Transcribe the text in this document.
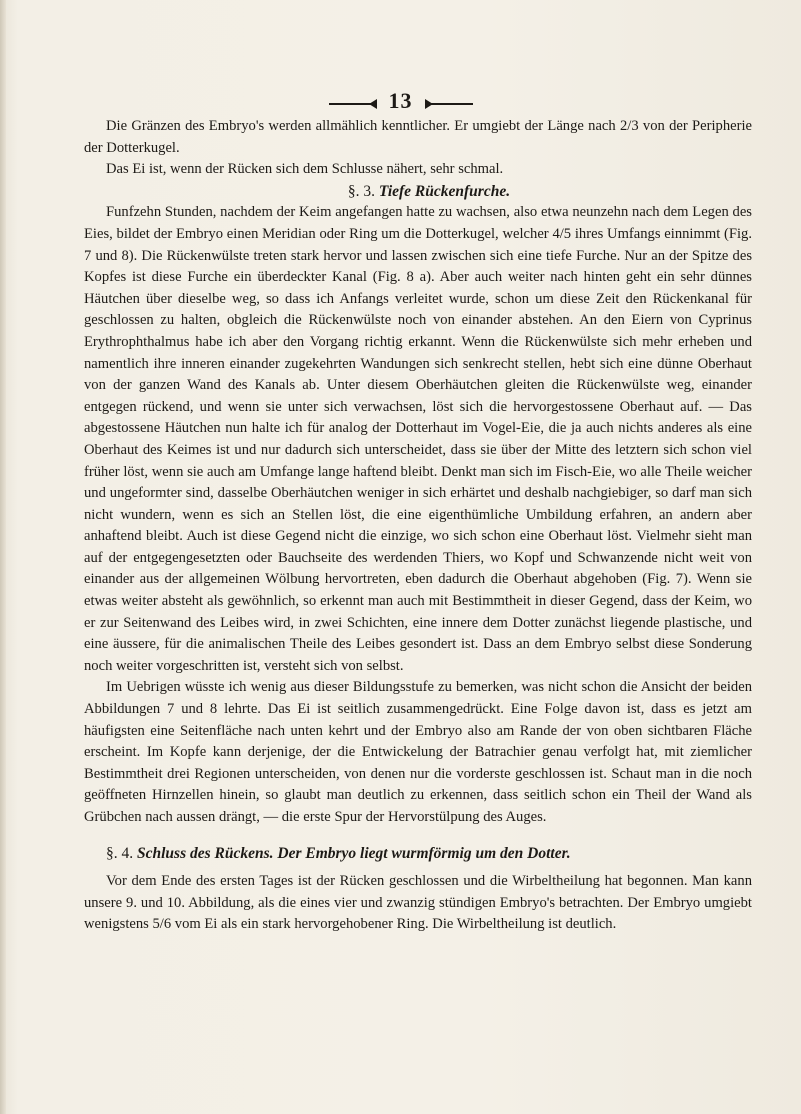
13

Die Gränzen des Embryo's werden allmählich kenntlicher. Er umgiebt der Länge nach 2/3 von der Peripherie der Dotterkugel.

Das Ei ist, wenn der Rücken sich dem Schlusse nähert, sehr schmal.

§. 3. Tiefe Rückenfurche.

Funfzehn Stunden, nachdem der Keim angefangen hatte zu wachsen, also etwa neunzehn nach dem Legen des Eies, bildet der Embryo einen Meridian oder Ring um die Dotterkugel, welcher 4/5 ihres Umfangs einnimmt (Fig. 7 und 8). Die Rückenwülste treten stark hervor und lassen zwischen sich eine tiefe Furche. Nur an der Spitze des Kopfes ist diese Furche ein überdeckter Kanal (Fig. 8 a). Aber auch weiter nach hinten geht ein sehr dünnes Häutchen über dieselbe weg, so dass ich Anfangs verleitet wurde, schon um diese Zeit den Rückenkanal für geschlossen zu halten, obgleich die Rückenwülste noch von einander abstehen. An den Eiern von Cyprinus Erythrophthalmus habe ich aber den Vorgang richtig erkannt. Wenn die Rückenwülste sich mehr erheben und namentlich ihre inneren einander zugekehrten Wandungen sich senkrecht stellen, hebt sich eine dünne Oberhaut von der ganzen Wand des Kanals ab. Unter diesem Oberhäutchen gleiten die Rückenwülste weg, einander entgegen rückend, und wenn sie unter sich verwachsen, löst sich die hervorgestossene Oberhaut auf. — Das abgestossene Häutchen nun halte ich für analog der Dotterhaut im Vogel-Eie, die ja auch nichts anderes als eine Oberhaut des Keimes ist und nur dadurch sich unterscheidet, dass sie über der Mitte des letztern sich schon viel früher löst, wenn sie auch am Umfange lange haftend bleibt. Denkt man sich im Fisch-Eie, wo alle Theile weicher und ungeformter sind, dasselbe Oberhäutchen weniger in sich erhärtet und deshalb nachgiebiger, so darf man sich nicht wundern, wenn es sich an Stellen löst, die eine eigenthümliche Umbildung erfahren, an andern aber anhaftend bleibt. Auch ist diese Gegend nicht die einzige, wo sich schon eine Oberhaut löst. Vielmehr sieht man auf der entgegengesetzten oder Bauchseite des werdenden Thiers, wo Kopf und Schwanzende nicht weit von einander aus der allgemeinen Wölbung hervortreten, eben dadurch die Oberhaut abgehoben (Fig. 7). Wenn sie etwas weiter absteht als gewöhnlich, so erkennt man auch mit Bestimmtheit in dieser Gegend, dass der Keim, wo er zur Seitenwand des Leibes wird, in zwei Schichten, eine innere dem Dotter zunächst liegende plastische, und eine äussere, für die animalischen Theile des Leibes gesondert ist. Dass an dem Embryo selbst diese Sonderung noch weiter vorgeschritten ist, versteht sich von selbst.

Im Uebrigen wüsste ich wenig aus dieser Bildungsstufe zu bemerken, was nicht schon die Ansicht der beiden Abbildungen 7 und 8 lehrte. Das Ei ist seitlich zusammengedrückt. Eine Folge davon ist, dass es jetzt am häufigsten eine Seitenfläche nach unten kehrt und der Embryo also am Rande der von oben sichtbaren Fläche erscheint. Im Kopfe kann derjenige, der die Entwickelung der Batrachier genau verfolgt hat, mit ziemlicher Bestimmtheit drei Regionen unterscheiden, von denen nur die vorderste geschlossen ist. Schaut man in die noch geöffneten Hirnzellen hinein, so glaubt man deutlich zu erkennen, dass seitlich schon ein Theil der Wand als Grübchen nach aussen drängt, — die erste Spur der Hervorstülpung des Auges.

§. 4. Schluss des Rückens. Der Embryo liegt wurmförmig um den Dotter.

Vor dem Ende des ersten Tages ist der Rücken geschlossen und die Wirbeltheilung hat begonnen. Man kann unsere 9. und 10. Abbildung, als die eines vier und zwanzig stündigen Embryo's betrachten. Der Embryo umgiebt wenigstens 5/6 vom Ei als ein stark hervorgehobener Ring. Die Wirbeltheilung ist deutlich.
